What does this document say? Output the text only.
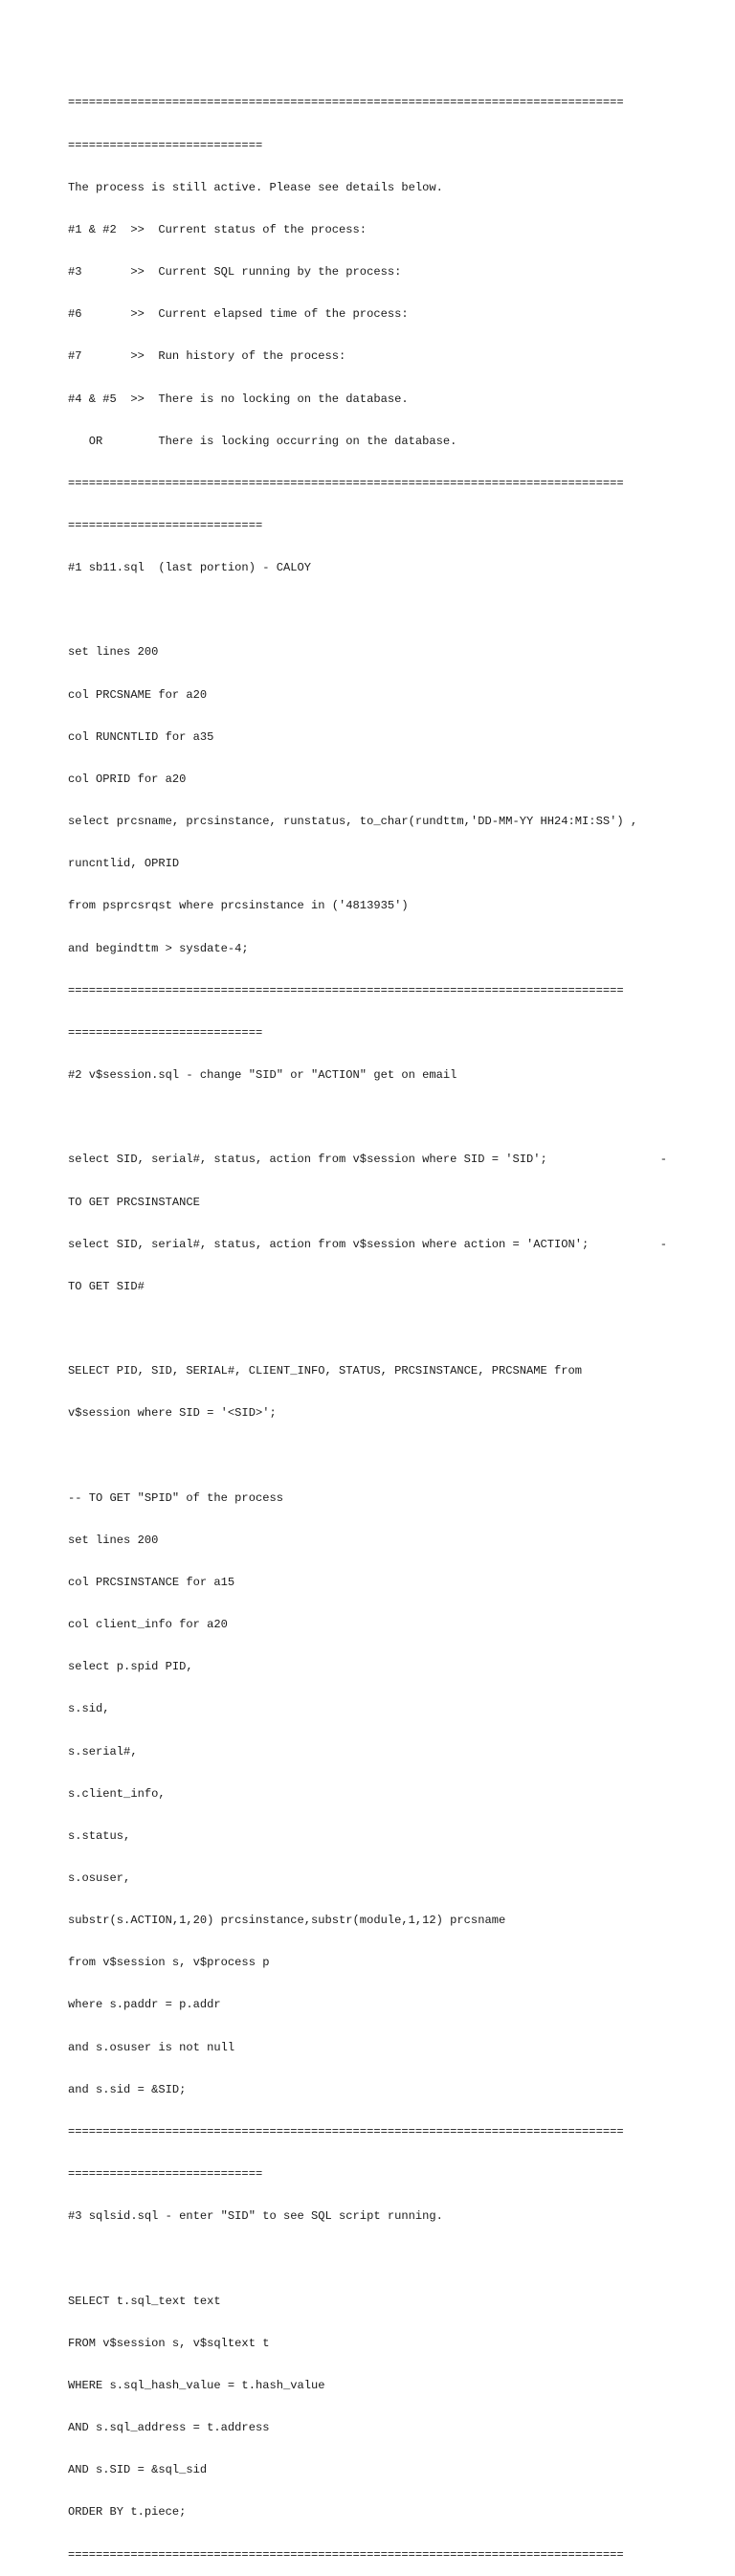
================================================================================

============================

The process is still active. Please see details below.

#1 & #2  >>  Current status of the process:

#3       >>  Current SQL running by the process:

#6       >>  Current elapsed time of the process:

#7       >>  Run history of the process:

#4 & #5  >>  There is no locking on the database.

OR        There is locking occurring on the database.

================================================================================

============================

#1 sb11.sql  (last portion) - CALOY

set lines 200

col PRCSNAME for a20

col RUNCNTLID for a35

col OPRID for a20

select prcsname, prcsinstance, runstatus, to_char(rundttm,'DD-MM-YY HH24:MI:SS') ,

runcntlid, OPRID

from psprcsrqst where prcsinstance in ('4813935')

and begindttm > sysdate-4;

================================================================================

============================

#2 v$session.sql - change "SID" or "ACTION" get on email

select SID, serial#, status, action from v$session where SID = 'SID';	-

TO GET PRCSINSTANCE

select SID, serial#, status, action from v$session where action = 'ACTION';	-

TO GET SID#

SELECT PID, SID, SERIAL#, CLIENT_INFO, STATUS, PRCSINSTANCE, PRCSNAME from

v$session where SID = '<SID>';

-- TO GET "SPID" of the process

set lines 200

col PRCSINSTANCE for a15

col client_info for a20

select p.spid PID,

s.sid,

s.serial#,

s.client_info,

s.status,

s.osuser,

substr(s.ACTION,1,20) prcsinstance,substr(module,1,12) prcsname

from v$session s, v$process p

where s.paddr = p.addr

and s.osuser is not null

and s.sid = &SID;

================================================================================

============================

#3 sqlsid.sql - enter "SID" to see SQL script running.

SELECT t.sql_text text

FROM v$session s, v$sqltext t

WHERE s.sql_hash_value = t.hash_value

AND s.sql_address = t.address

AND s.SID = &sql_sid

ORDER BY t.piece;

================================================================================
